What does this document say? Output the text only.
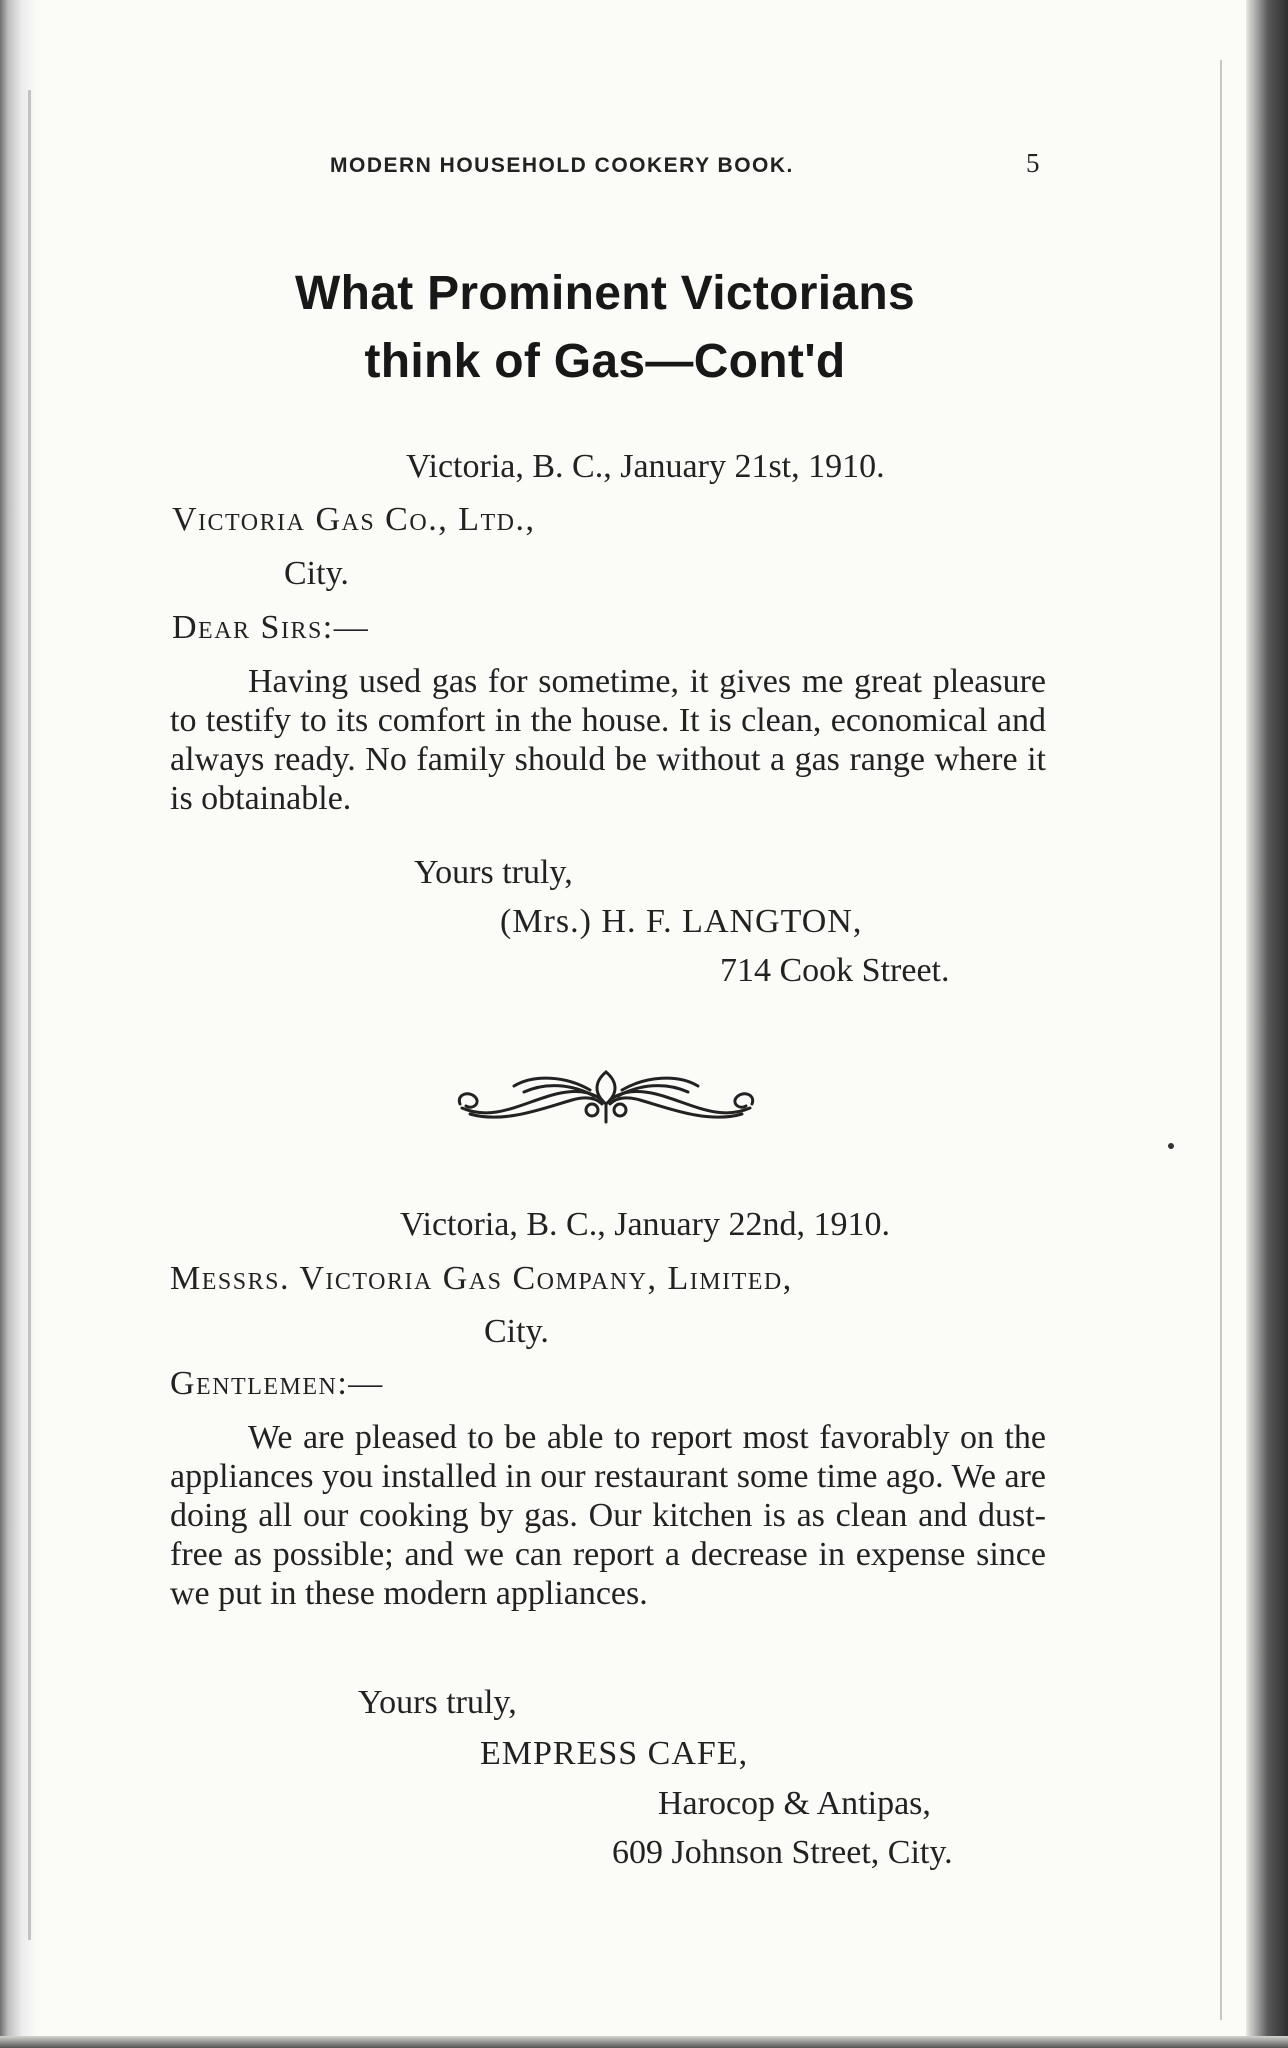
MODERN HOUSEHOLD COOKERY BOOK.	5
What Prominent Victorians
think of Gas—Cont'd
Victoria, B. C., January 21st, 1910.
Victoria Gas Co., Ltd.,
City.
Dear Sirs:—
Having used gas for sometime, it gives me great pleasure to testify to its comfort in the house. It is clean, economical and always ready. No family should be without a gas range where it is obtainable.
Yours truly,
(Mrs.) H. F. LANGTON,
714 Cook Street.
Victoria, B. C., January 22nd, 1910.
Messrs. Victoria Gas Company, Limited,
City.
Gentlemen:—
We are pleased to be able to report most favorably on the appliances you installed in our restaurant some time ago. We are doing all our cooking by gas. Our kitchen is as clean and dust-free as possible; and we can report a decrease in expense since we put in these modern appliances.
Yours truly,
EMPRESS CAFE,
Harocop & Antipas,
609 Johnson Street, City.
